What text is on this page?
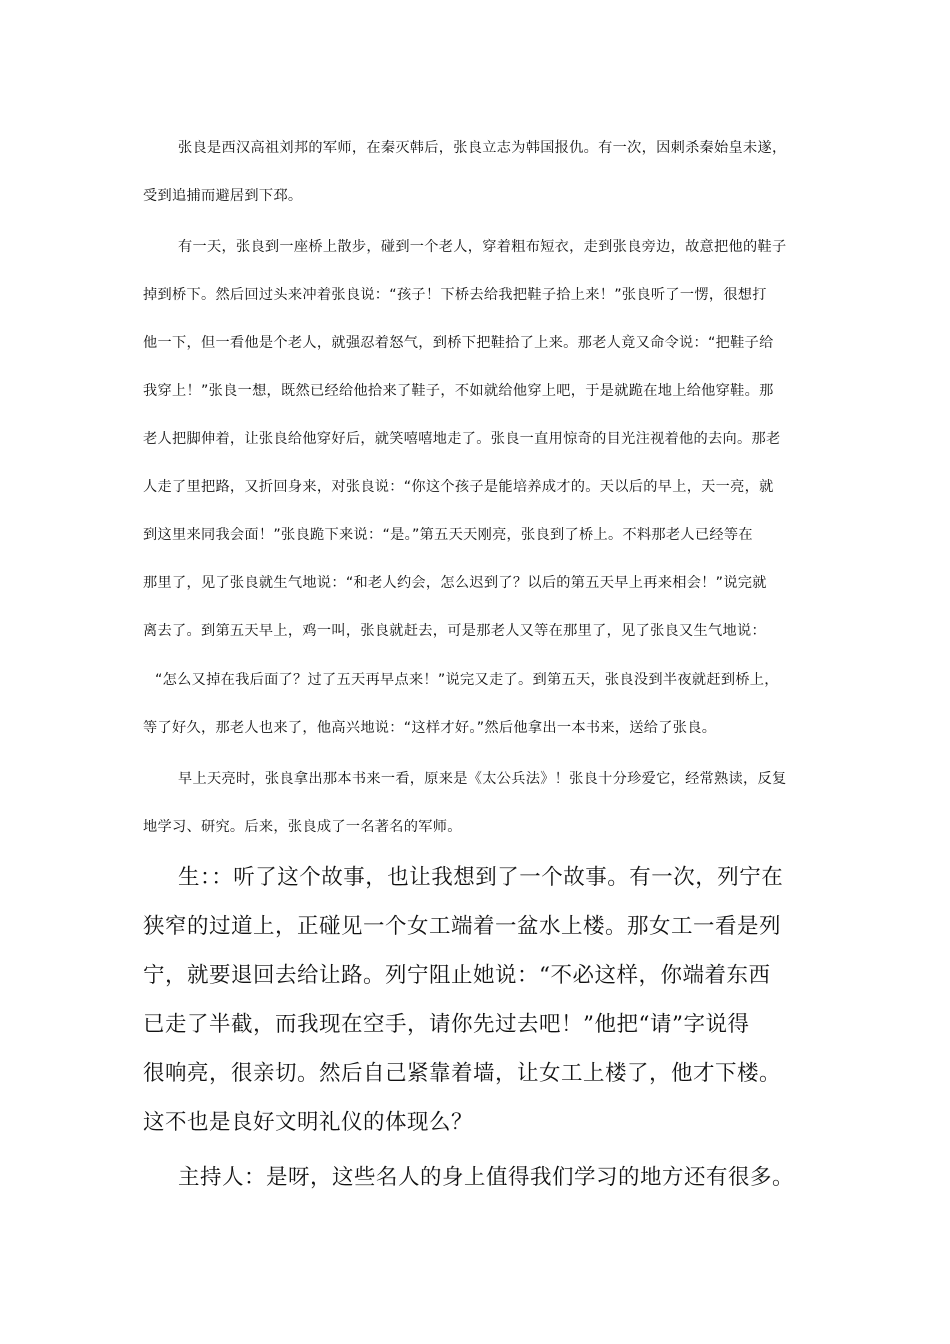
张良是西汉高祖刘邦的军师，在秦灭韩后，张良立志为韩国报仇。有一次，因刺杀秦始皇未遂，
受到追捕而避居到下邳。
有一天，张良到一座桥上散步，碰到一个老人，穿着粗布短衣，走到张良旁边，故意把他的鞋子
掉到桥下。然后回过头来冲着张良说：“孩子！下桥去给我把鞋子拾上来！”张良听了一愣，很想打
他一下，但一看他是个老人，就强忍着怒气，到桥下把鞋拾了上来。那老人竟又命令说：“把鞋子给
我穿上！”张良一想，既然已经给他拾来了鞋子，不如就给他穿上吧，于是就跪在地上给他穿鞋。那
老人把脚伸着，让张良给他穿好后，就笑嘻嘻地走了。张良一直用惊奇的目光注视着他的去向。那老
人走了里把路，又折回身来，对张良说：“你这个孩子是能培养成才的。天以后的早上，天一亮，就
到这里来同我会面！”张良跪下来说：“是。”第五天天刚亮，张良到了桥上。不料那老人已经等在
那里了，见了张良就生气地说：“和老人约会，怎么迟到了？以后的第五天早上再来相会！”说完就
离去了。到第五天早上，鸡一叫，张良就赶去，可是那老人又等在那里了，见了张良又生气地说：
“怎么又掉在我后面了？过了五天再早点来！”说完又走了。到第五天，张良没到半夜就赶到桥上，
等了好久，那老人也来了，他高兴地说：“这样才好。”然后他拿出一本书来，送给了张良。
早上天亮时，张良拿出那本书来一看，原来是《太公兵法》！张良十分珍爱它，经常熟读，反复
地学习、研究。后来，张良成了一名著名的军师。
生：：听了这个故事，也让我想到了一个故事。有一次，列宁在
狭窄的过道上，正碰见一个女工端着一盆水上楼。那女工一看是列
宁，就要退回去给让路。列宁阻止她说：“不必这样，你端着东西
已走了半截，而我现在空手，请你先过去吧！”他把“请”字说得
很响亮，很亲切。然后自己紧靠着墙，让女工上楼了，他才下楼。
这不也是良好文明礼仪的体现么？
主持人：是呀，这些名人的身上值得我们学习的地方还有很多。
